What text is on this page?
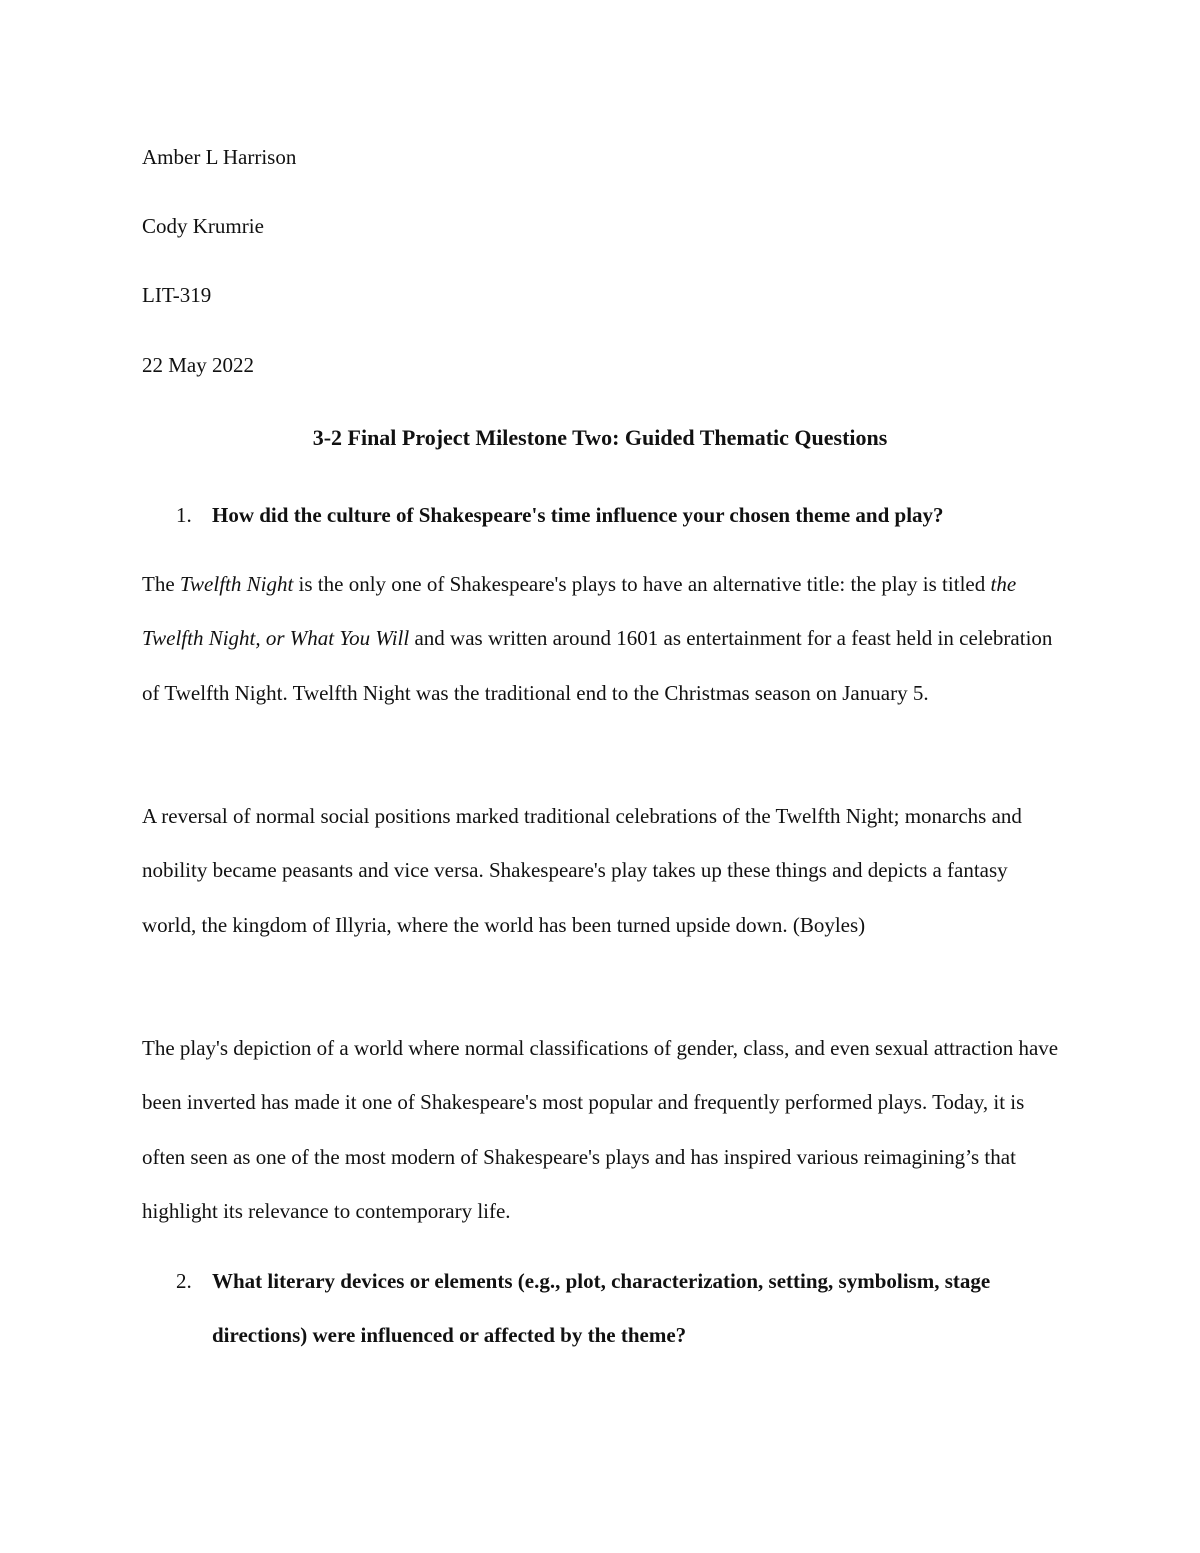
Amber L Harrison
Cody Krumrie
LIT-319
22 May 2022
3-2 Final Project Milestone Two: Guided Thematic Questions
1. How did the culture of Shakespeare's time influence your chosen theme and play?

The Twelfth Night is the only one of Shakespeare's plays to have an alternative title: the play is titled the Twelfth Night, or What You Will and was written around 1601 as entertainment for a feast held in celebration of Twelfth Night. Twelfth Night was the traditional end to the Christmas season on January 5.

A reversal of normal social positions marked traditional celebrations of the Twelfth Night; monarchs and nobility became peasants and vice versa. Shakespeare's play takes up these things and depicts a fantasy world, the kingdom of Illyria, where the world has been turned upside down. (Boyles)

The play's depiction of a world where normal classifications of gender, class, and even sexual attraction have been inverted has made it one of Shakespeare's most popular and frequently performed plays. Today, it is often seen as one of the most modern of Shakespeare's plays and has inspired various reimagining’s that highlight its relevance to contemporary life.

2. What literary devices or elements (e.g., plot, characterization, setting, symbolism, stage directions) were influenced or affected by the theme?
